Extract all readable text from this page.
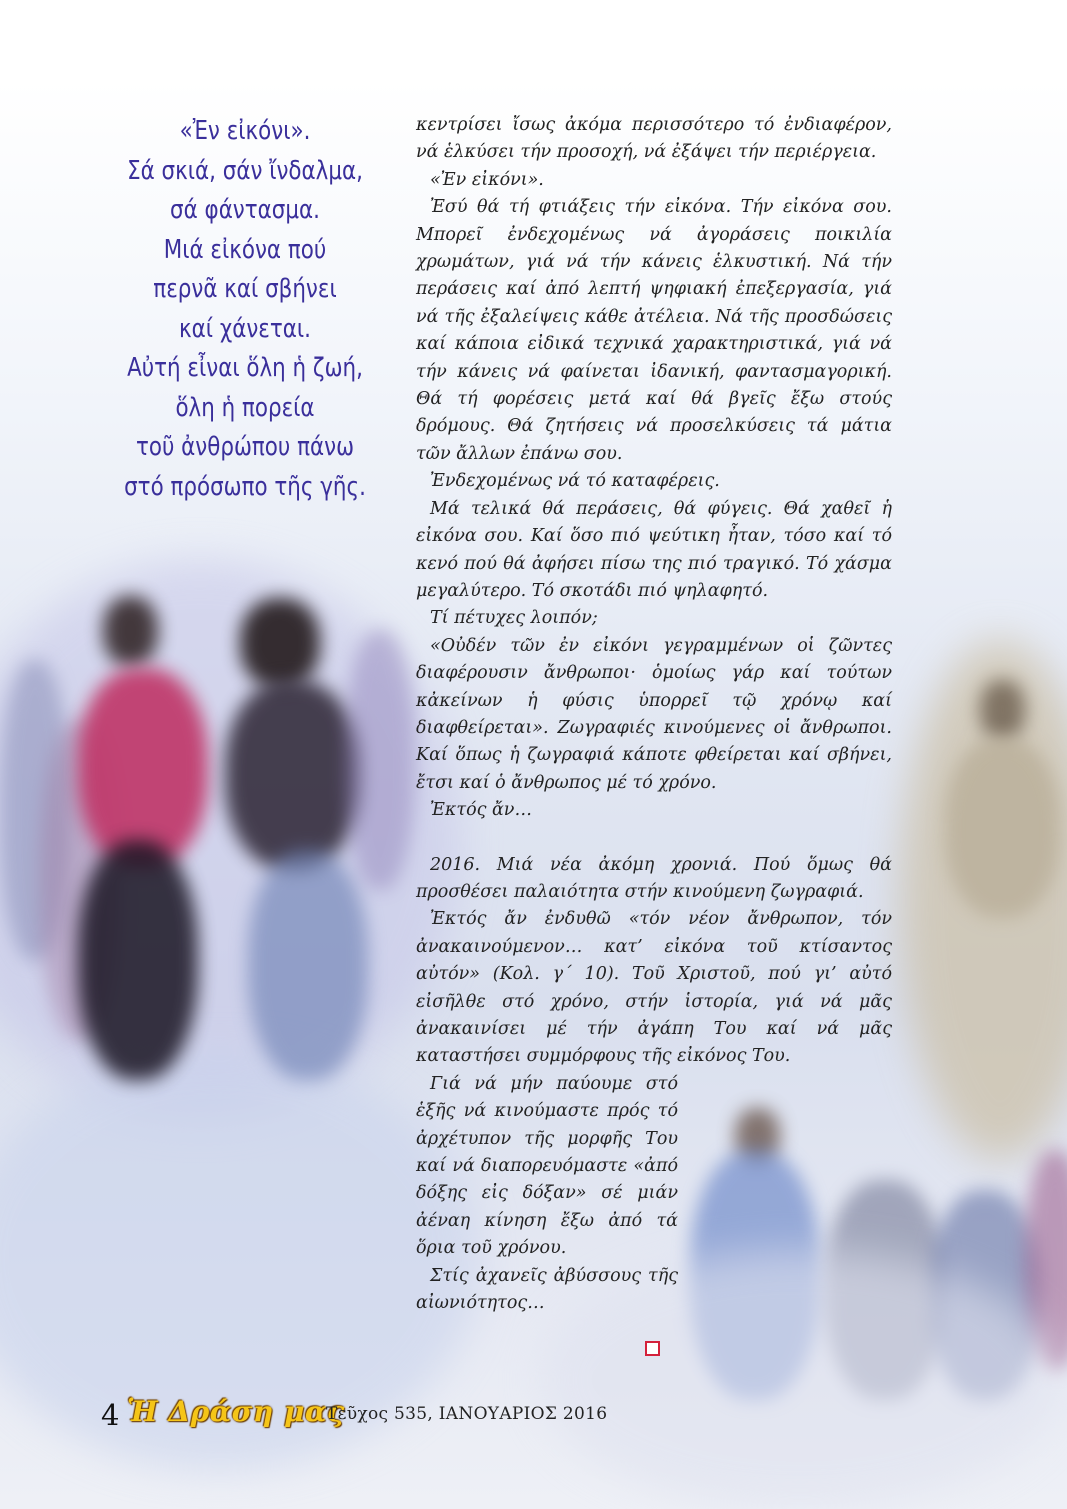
«Ἐν εἰκόνι».
Σά σκιά, σάν ἴνδαλμα,
σά φάντασμα.
Μιά εἰκόνα πού
περνᾶ καί σβήνει
καί χάνεται.
Αὐτή εἶναι ὅλη ἡ ζωή,
ὅλη ἡ πορεία
τοῦ ἀνθρώπου πάνω
στό πρόσωπο τῆς γῆς.

κεντρίσει ἴσως ἀκόμα περισσότερο τό ἐνδιαφέρον, νά ἑλκύσει τήν προσοχή, νά ἐξάψει τήν περιέργεια.

«Ἐν εἰκόνι».

Ἐσύ θά τή φτιάξεις τήν εἰκόνα. Τήν εἰκόνα σου. Μπορεῖ ἐνδεχομένως νά ἀγοράσεις ποικιλία χρωμάτων, γιά νά τήν κάνεις ἑλκυστική. Νά τήν περάσεις καί ἀπό λεπτή ψηφιακή ἐπεξεργασία, γιά νά τῆς ἐξαλείψεις κάθε ἀτέλεια. Νά τῆς προσδώσεις καί κάποια εἰδικά τεχνικά χαρακτηριστικά, γιά νά τήν κάνεις νά φαίνεται ἰδανική, φαντασμαγορική. Θά τή φορέσεις μετά καί θά βγεῖς ἔξω στούς δρόμους. Θά ζητήσεις νά προσελκύσεις τά μάτια τῶν ἄλλων ἐπάνω σου.

Ἐνδεχομένως νά τό καταφέρεις.

Μά τελικά θά περάσεις, θά φύγεις. Θά χαθεῖ ἡ εἰκόνα σου. Καί ὅσο πιό ψεύτικη ἦταν, τόσο καί τό κενό πού θά ἀφήσει πίσω της πιό τραγικό. Τό χάσμα μεγαλύτερο. Τό σκοτάδι πιό ψηλαφητό.

Τί πέτυχες λοιπόν;

«Οὐδέν τῶν ἐν εἰκόνι γεγραμμένων οἱ ζῶντες διαφέρουσιν ἄνθρωποι· ὁμοίως γάρ καί τούτων κἀκείνων ἡ φύσις ὑπορρεῖ τῷ χρόνῳ καί διαφθείρεται». Ζωγραφιές κινούμενες οἱ ἄνθρωποι. Καί ὅπως ἡ ζωγραφιά κάποτε φθείρεται καί σβήνει, ἔτσι καί ὁ ἄνθρωπος μέ τό χρόνο.

Ἐκτός ἄν…

2016. Μιά νέα ἀκόμη χρονιά. Πού ὅμως θά προσθέσει παλαιότητα στήν κινούμενη ζωγραφιά.

Ἐκτός ἄν ἐνδυθῶ «τόν νέον ἄνθρωπον, τόν ἀνακαινούμενον… κατ’ εἰκόνα τοῦ κτίσαντος αὐτόν» (Κολ. γ΄ 10). Τοῦ Χριστοῦ, πού γι’ αὐτό εἰσῆλθε στό χρόνο, στήν ἱστορία, γιά νά μᾶς ἀνακαινίσει μέ τήν ἀγάπη Του καί νά μᾶς καταστήσει συμμόρφους τῆς εἰκόνος Του.

Γιά νά μήν παύουμε στό ἑξῆς νά κινούμαστε πρός τό ἀρχέτυπον τῆς μορφῆς Του καί νά διαπορευόμαστε «ἀπό δόξης εἰς δόξαν» σέ μιάν ἀέναη κίνηση ἔξω ἀπό τά ὅρια τοῦ χρόνου.

Στίς ἀχανεῖς ἀβύσσους τῆς αἰωνιότητος…

4 Ἡ Δράση μας
Τεῦχος 535, ΙΑΝΟΥΑΡΙΟΣ 2016
